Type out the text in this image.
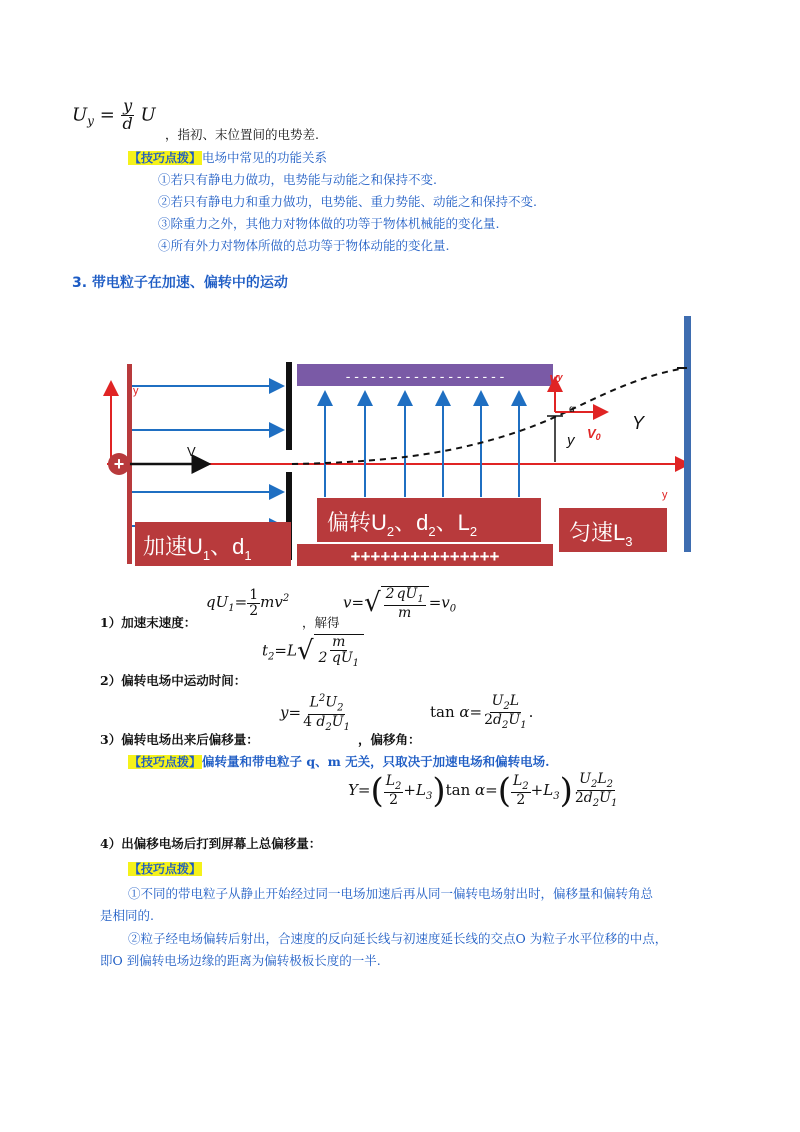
$U_y = \frac{y}{d}$ U
，指初、末位置间的电势差.
【技巧点拨】电场中常见的功能关系
①若只有静电力做功，电势能与动能之和保持不变.
②若只有静电力和重力做功，电势能、重力势能、动能之和保持不变.
③除重力之外，其他力对物体做的功等于物体机械能的变化量.
④所有外力对物体所做的总功等于物体动能的变化量.
3. 带电粒子在加速、偏转中的运动
y
V
+
- - - - - - - - - - - - - - - - - - -	$V^y$
V0
α
Y
y
y
偏转$U_2$、$d_2$、$L_2$
加速$U_1$、$d_1$
匀速$L_3$
+++++++++++++++
$qU_1= \frac{1}{2} mv^2$
1）加速末速度：	，解得
v= √ $\frac{2 qU_1}{m} =v_0$
$t_2=L$ √ $\frac{m}{2 qU_1}$
2）偏转电场中运动时间：
$y= \frac{L^2U_2}{4 d_2U_1}$	$\tan \alpha= \frac{U_2L}{2d_2U_1}$ .
3）偏转电场出来后偏移量：	，偏移角：
【技巧点拨】偏转量和带电粒子 q、m 无关，只取决于加速电场和偏转电场.
$Y=( \frac{L_2}{2} +L_3)\tan$ $\alpha=( \frac{L_2}{2} +L_3) \frac{U_2L_2}{2d_2U_1}$
4）出偏移电场后打到屏幕上总偏移量：
【技巧点拨】
①不同的带电粒子从静止开始经过同一电场加速后再从同一偏转电场射出时，偏移量和偏转角总
是相同的.
②粒子经电场偏转后射出，合速度的反向延长线与初速度延长线的交点O 为粒子水平位移的中点，
即O 到偏转电场边缘的距离为偏转极板长度的一半.
